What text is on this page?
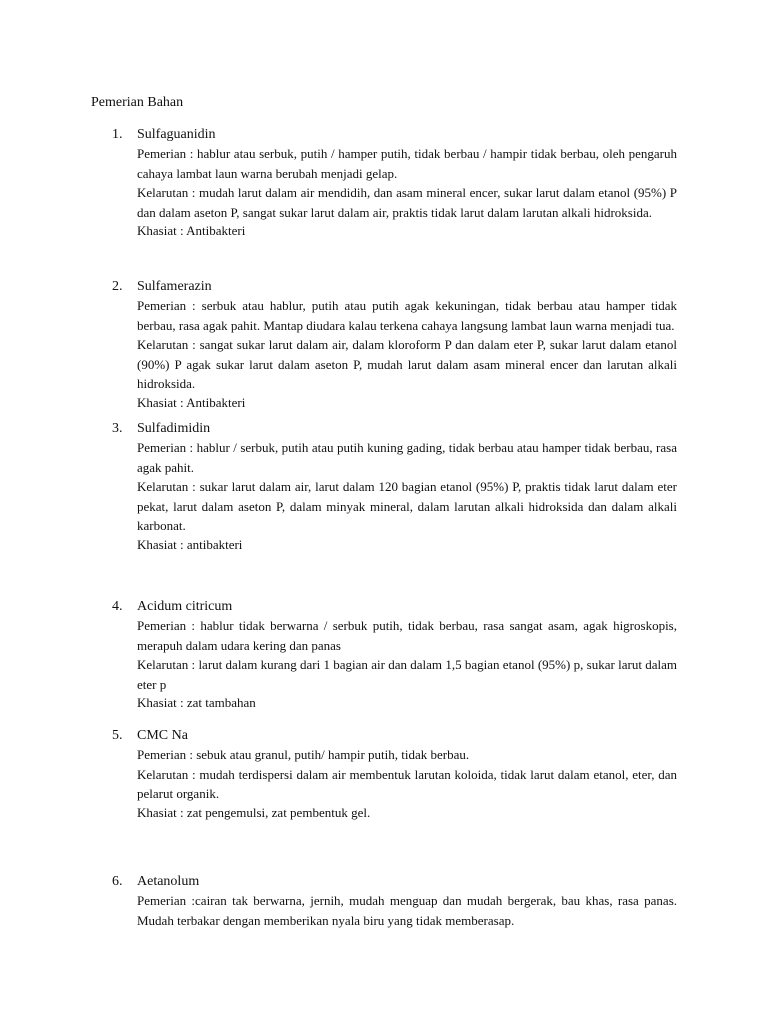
Pemerian Bahan
1. Sulfaguanidin
Pemerian : hablur atau serbuk, putih / hamper putih, tidak berbau / hampir tidak berbau, oleh pengaruh cahaya lambat laun warna berubah menjadi gelap.
Kelarutan : mudah larut dalam air mendidih, dan asam mineral encer, sukar larut dalam etanol (95%) P dan dalam aseton P, sangat sukar larut dalam air, praktis tidak larut dalam larutan alkali hidroksida.
Khasiat : Antibakteri
2. Sulfamerazin
Pemerian : serbuk atau hablur, putih atau putih agak kekuningan, tidak berbau atau hamper tidak berbau, rasa agak pahit. Mantap diudara kalau terkena cahaya langsung lambat laun warna menjadi tua.
Kelarutan : sangat sukar larut dalam air, dalam kloroform P dan dalam eter P, sukar larut dalam etanol (90%) P agak sukar larut dalam aseton P, mudah larut dalam asam mineral encer dan larutan alkali hidroksida.
Khasiat : Antibakteri
3. Sulfadimidin
Pemerian : hablur / serbuk, putih atau putih kuning gading, tidak berbau atau hamper tidak berbau, rasa agak pahit.
Kelarutan : sukar larut dalam air, larut dalam 120 bagian etanol (95%) P, praktis tidak larut dalam eter pekat, larut dalam aseton P, dalam minyak mineral, dalam larutan alkali hidroksida dan dalam alkali karbonat.
Khasiat : antibakteri
4. Acidum citricum
Pemerian : hablur tidak berwarna / serbuk putih, tidak berbau, rasa sangat asam, agak higroskopis, merapuh dalam udara kering dan panas
Kelarutan : larut dalam kurang dari 1 bagian air dan dalam 1,5 bagian etanol (95%) p, sukar larut dalam eter p
Khasiat : zat tambahan
5. CMC Na
Pemerian : sebuk atau granul, putih/ hampir putih, tidak berbau.
Kelarutan : mudah terdispersi dalam air membentuk larutan koloida, tidak larut dalam etanol, eter, dan pelarut organik.
Khasiat : zat pengemulsi, zat pembentuk gel.
6. Aetanolum
Pemerian :cairan tak berwarna, jernih, mudah menguap dan mudah bergerak, bau khas, rasa panas. Mudah terbakar dengan memberikan nyala biru yang tidak memberasap.
